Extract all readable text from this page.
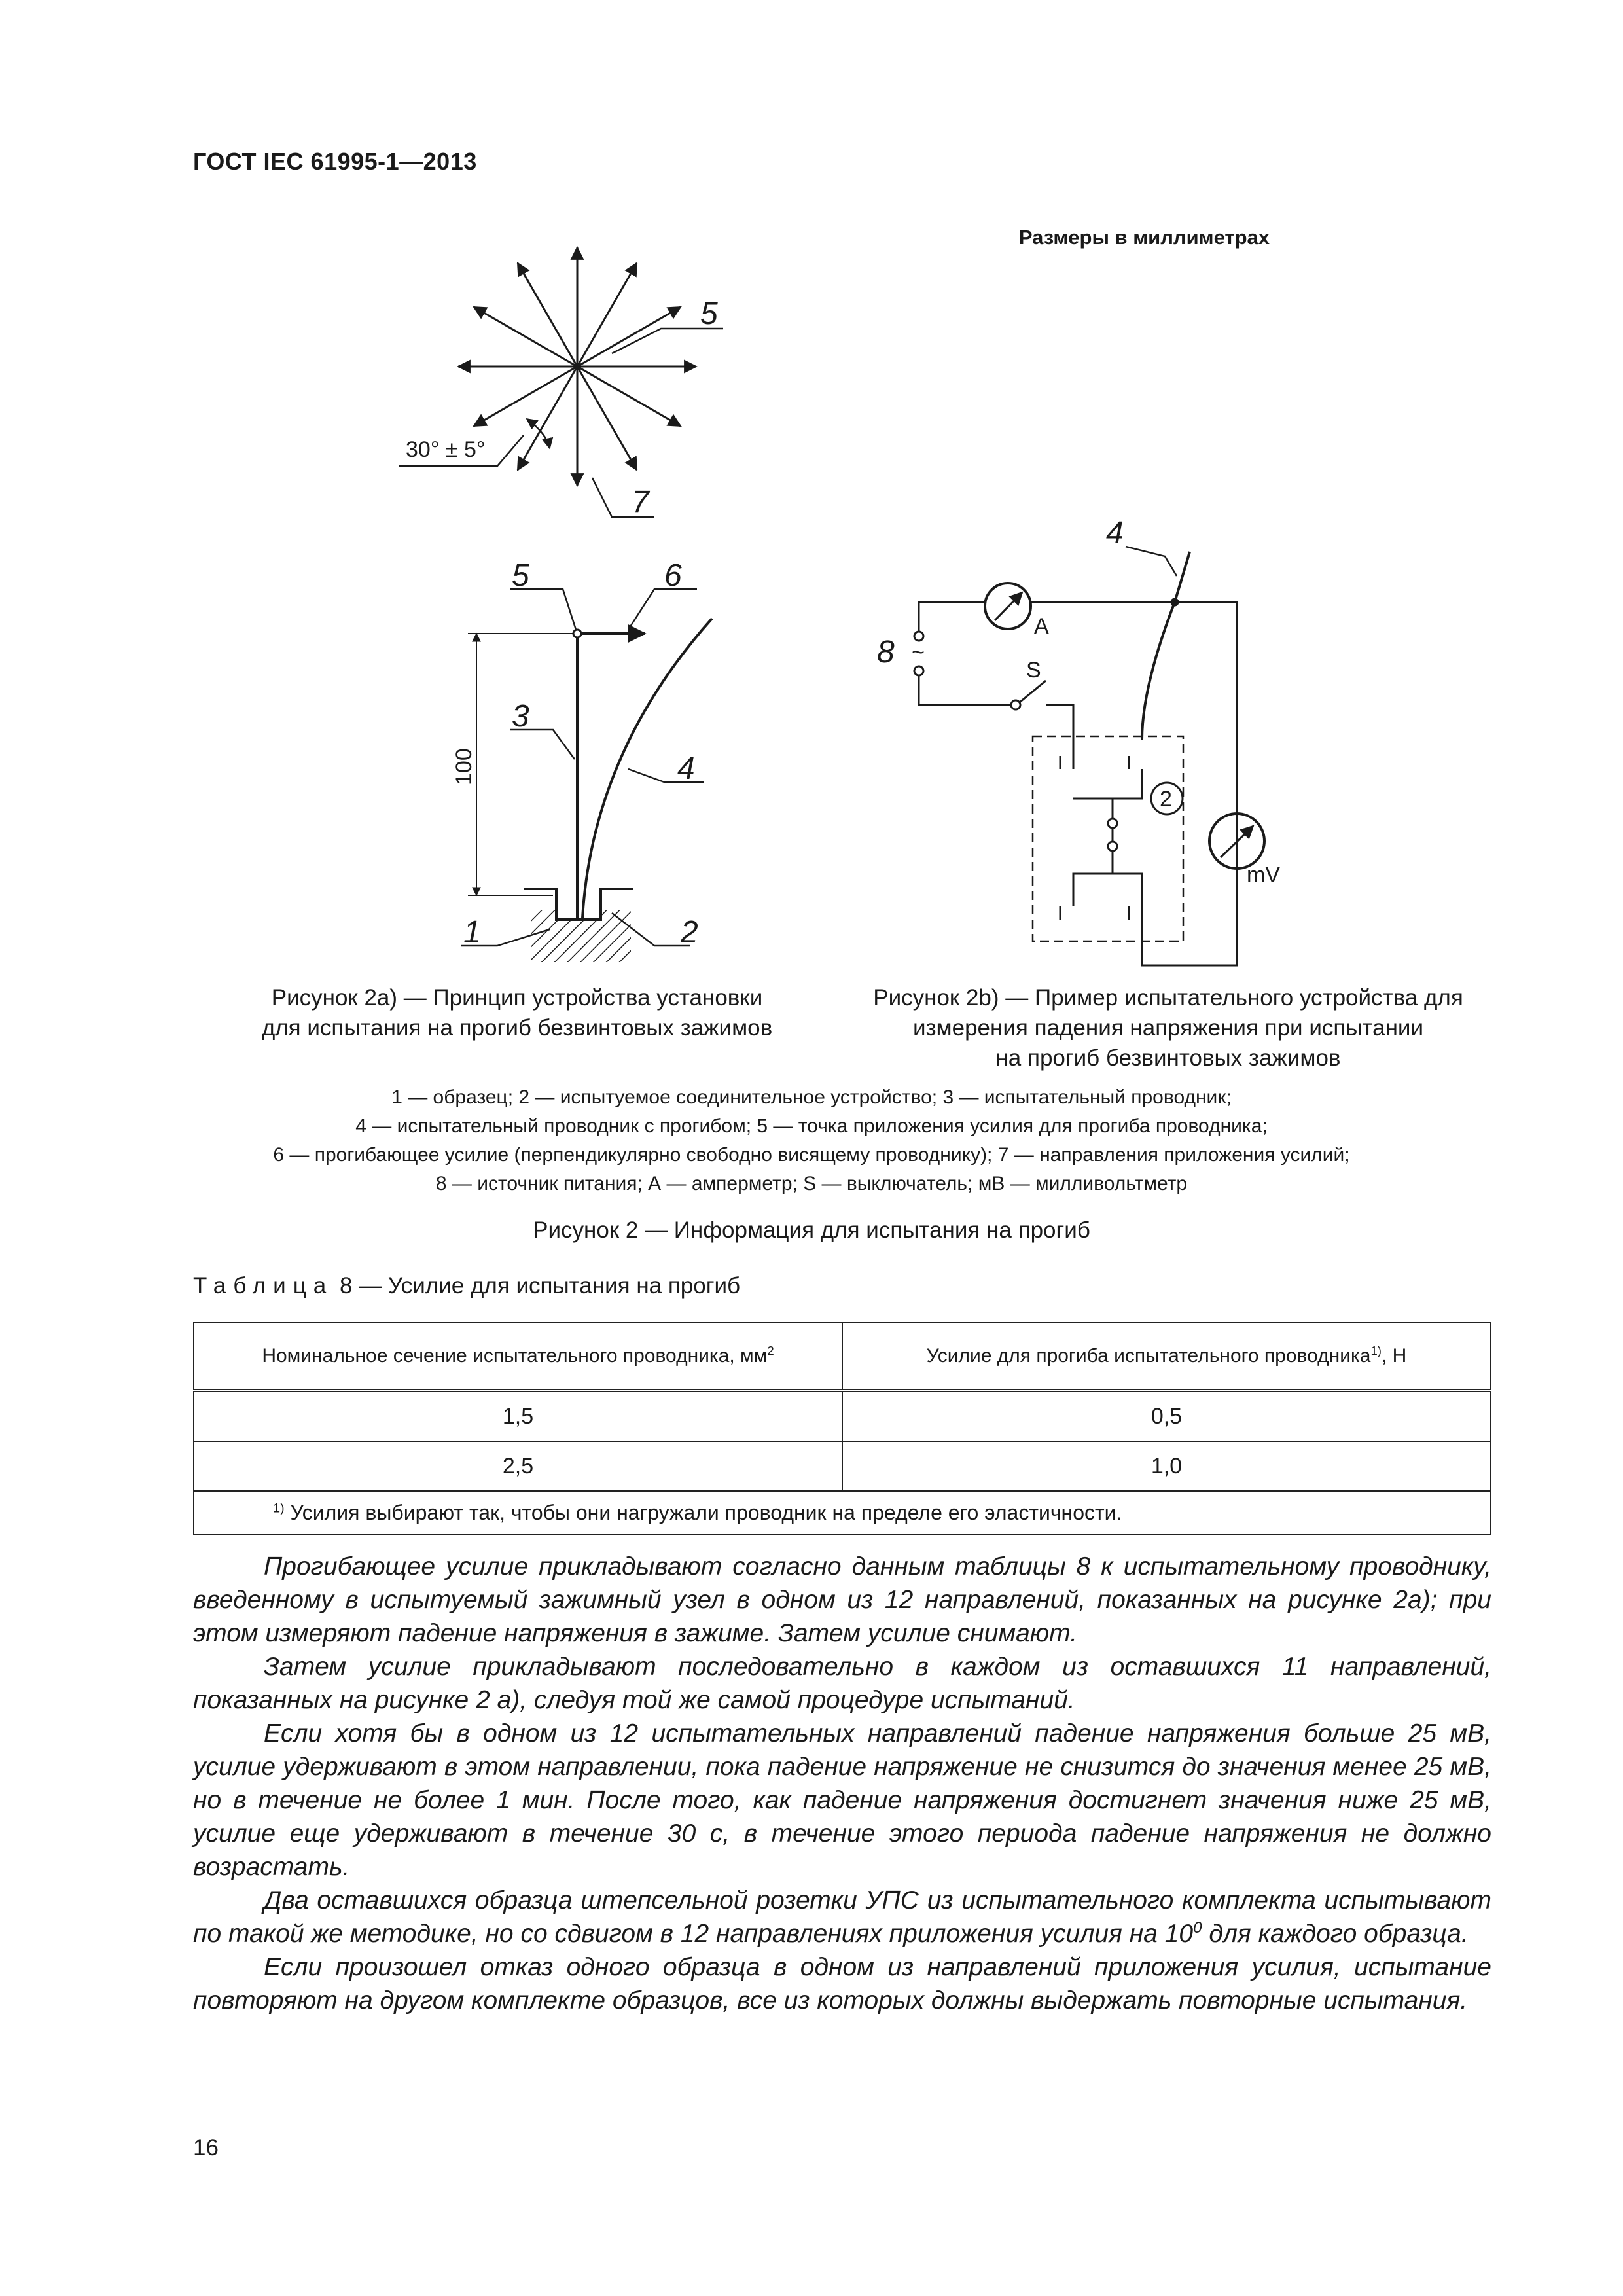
ГОСТ IEC 61995-1—2013
Размеры в миллиметрах
5
7
30° ± 5°
5	6
3
4
1	2
100
4
8 ~
A
S
2
mV
Рисунок 2а) — Принцип устройства установки
для испытания на прогиб безвинтовых зажимов
Рисунок 2b) — Пример испытательного устройства для
измерения падения напряжения при испытании
на прогиб безвинтовых зажимов
1 — образец; 2 — испытуемое соединительное устройство; 3 — испытательный проводник;
4 — испытательный проводник с прогибом; 5 — точка приложения усилия для прогиба проводника;
6 — прогибающее усилие (перпендикулярно свободно висящему проводнику); 7 — направления приложения усилий;
8 — источник питания; А — амперметр; S — выключатель; мВ — милливольтметр
Рисунок 2 — Информация для испытания на прогиб
Таблица 8 — Усилие для испытания на прогиб
Номинальное сечение испытательного проводника, $мм^2$	Усилие для прогиба испытательного проводника$^{1)}$, Н
1,5	0,5
2,5	1,0
$^{1)}$ Усилия выбирают так, чтобы они нагружали проводник на пределе его эластичности.	

Прогибающее усилие прикладывают согласно данным таблицы 8 к испытательному проводнику, введенному в испытуемый зажимный узел в одном из 12 направлений, показанных на рисунке 2а); при этом измеряют падение напряжения в зажиме. Затем усилие снимают.

Затем усилие прикладывают последовательно в каждом из оставшихся 11 направлений, показанных на рисунке 2 а), следуя той же самой процедуре испытаний.

Если хотя бы в одном из 12 испытательных направлений падение напряжения больше 25 мВ, усилие удерживают в этом направлении, пока падение напряжение не снизится до значения менее 25 мВ, но в течение не более 1 мин. После того, как падение напряжения достигнет значения ниже 25 мВ, усилие еще удерживают в течение 30 с, в течение этого периода падение напряжения не должно возрастать.

Два оставшихся образца штепсельной розетки УПС из испытательного комплекта испытывают по такой же методике, но со сдвигом в 12 направлениях приложения усилия на $10^0$ для каждого образца.

Если произошел отказ одного образца в одном из направлений приложения усилия, испытание повторяют на другом комплекте образцов, все из которых должны выдержать повторные испытания.

16
